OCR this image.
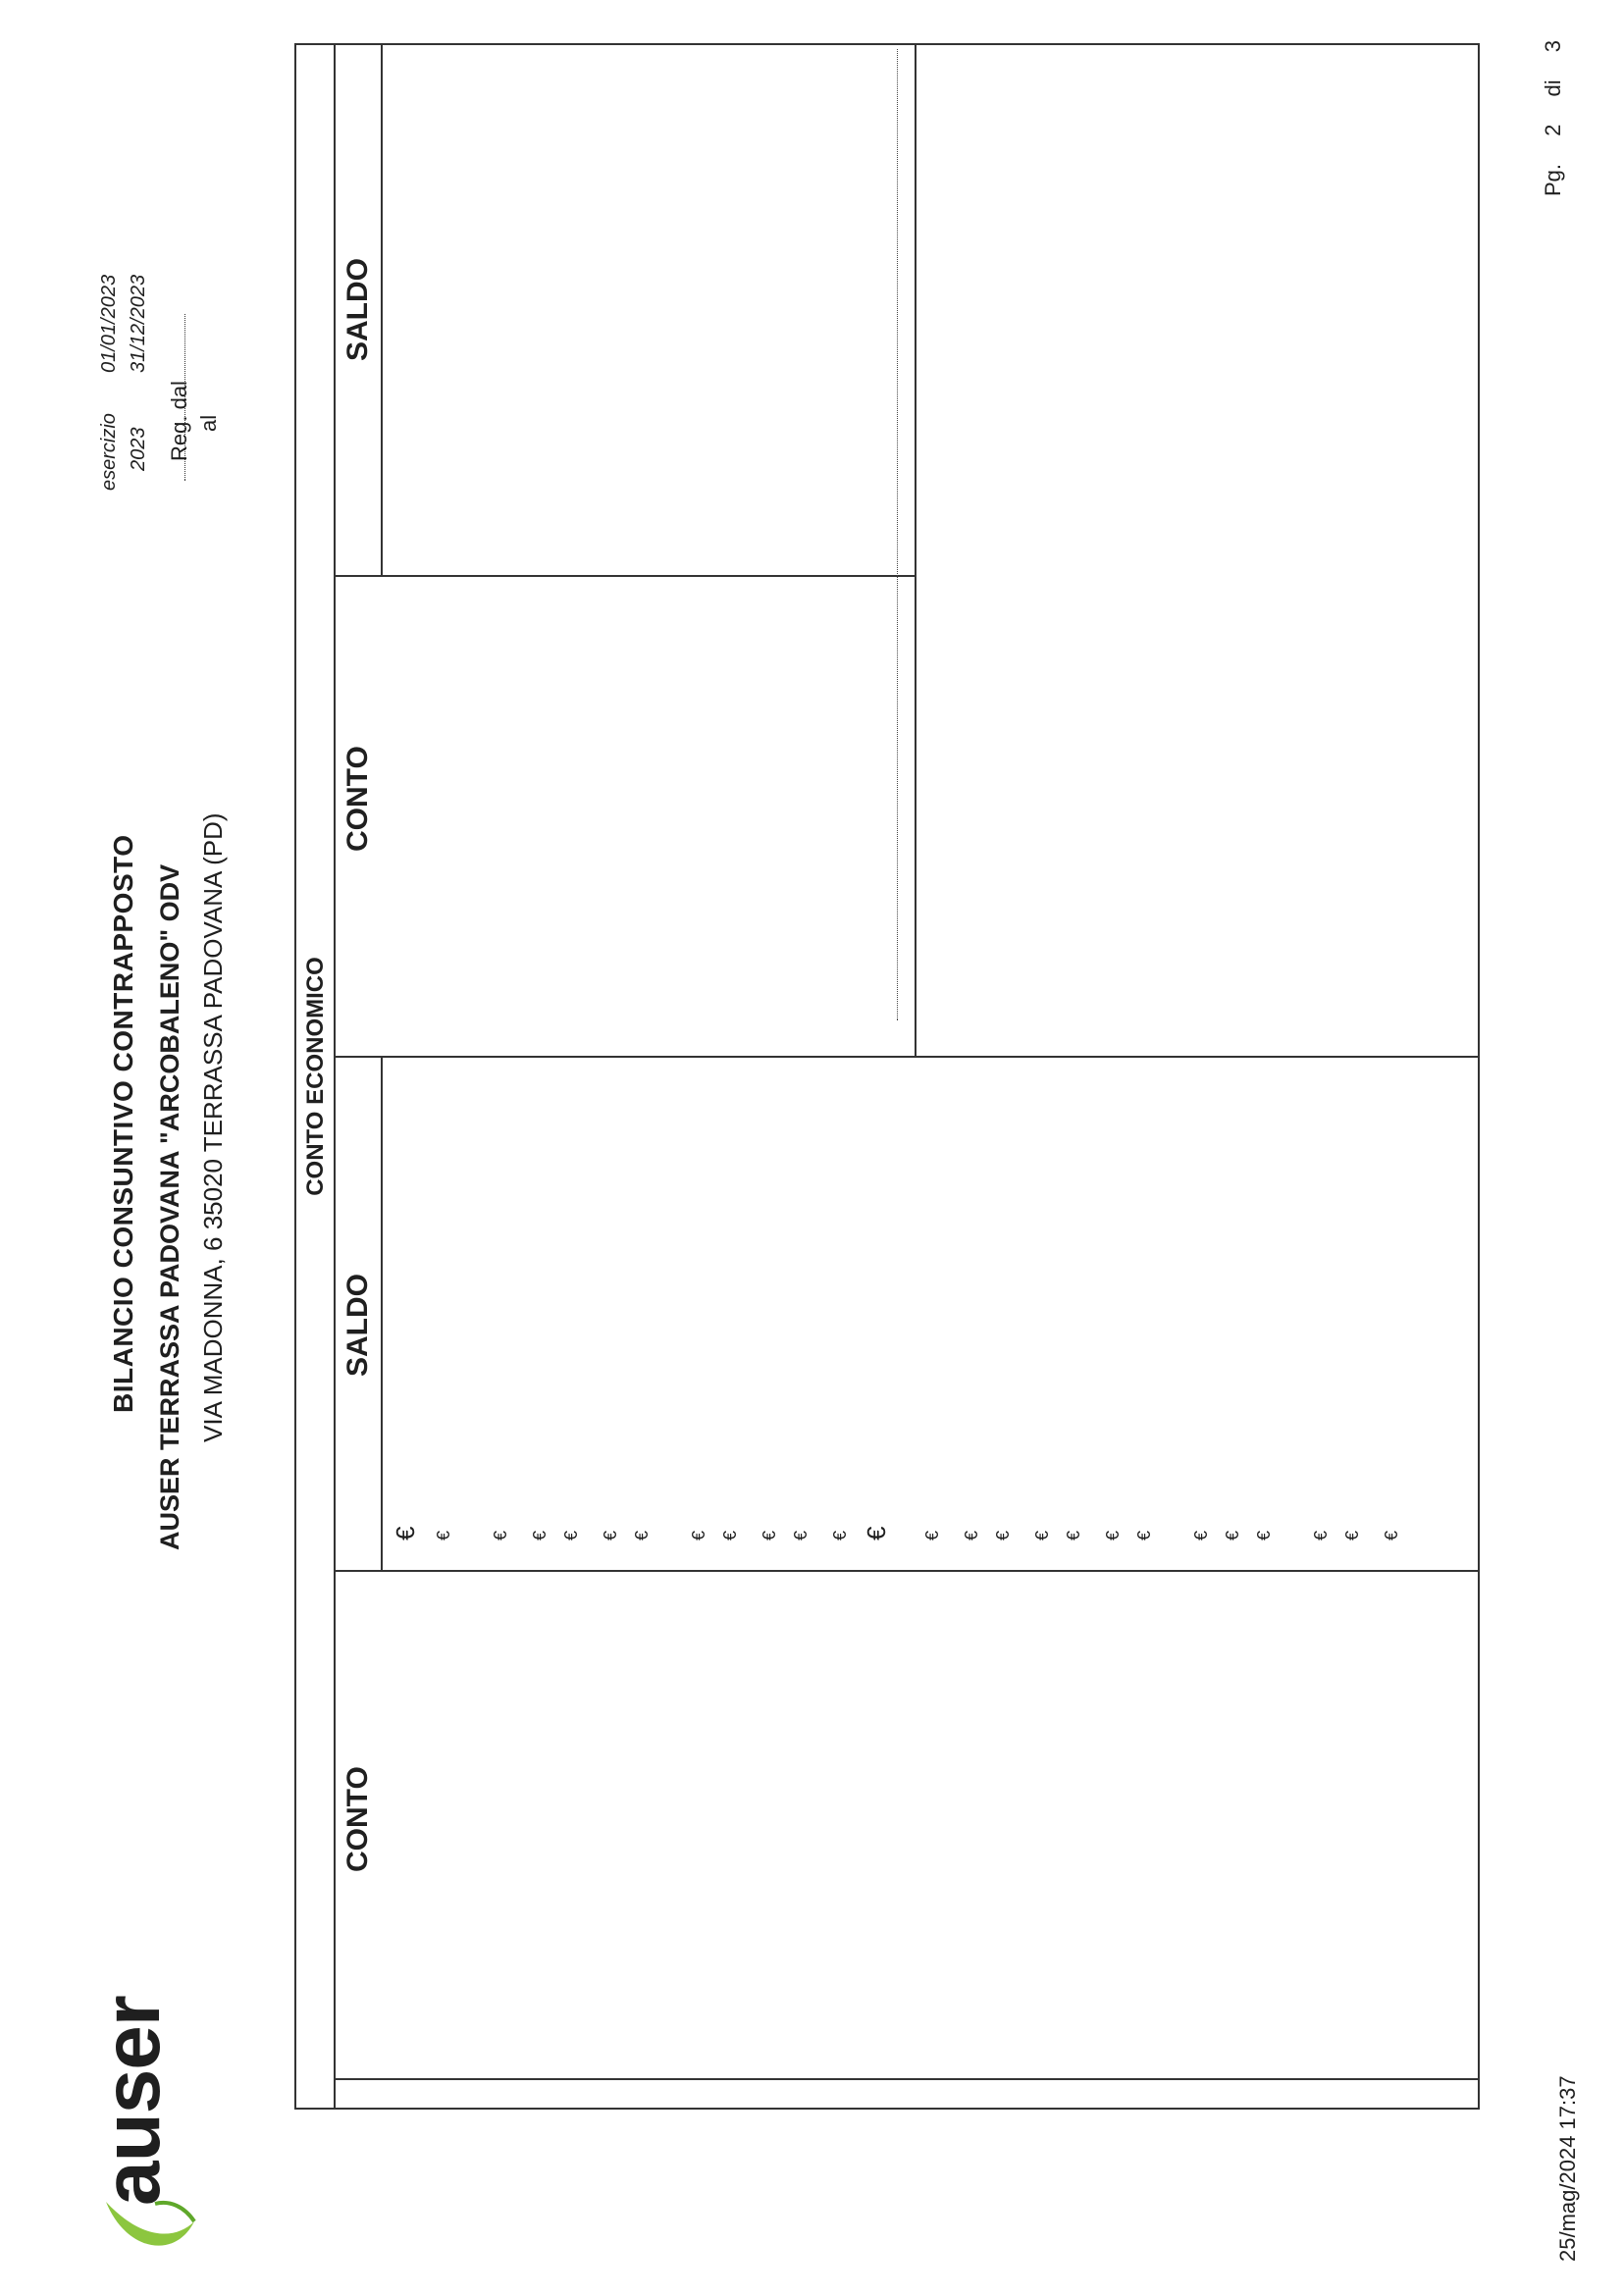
auser
BILANCIO CONSUNTIVO CONTRAPPOSTO AUSER TERRASSA PADOVANA "ARCOBALENO" ODV VIA MADONNA, 6 35020 TERRASSA PADOVANA (PD)
esercizio
01/01/2023
2023
31/12/2023
Reg. dal al
CONTO ECONOMICO
CONTO
SALDO
CONTO
SALDO
€ € € € € € € € € € € € € € € € € € € € € € € € € €
25/mag/2024 17:37
Pg. 2 di 3
